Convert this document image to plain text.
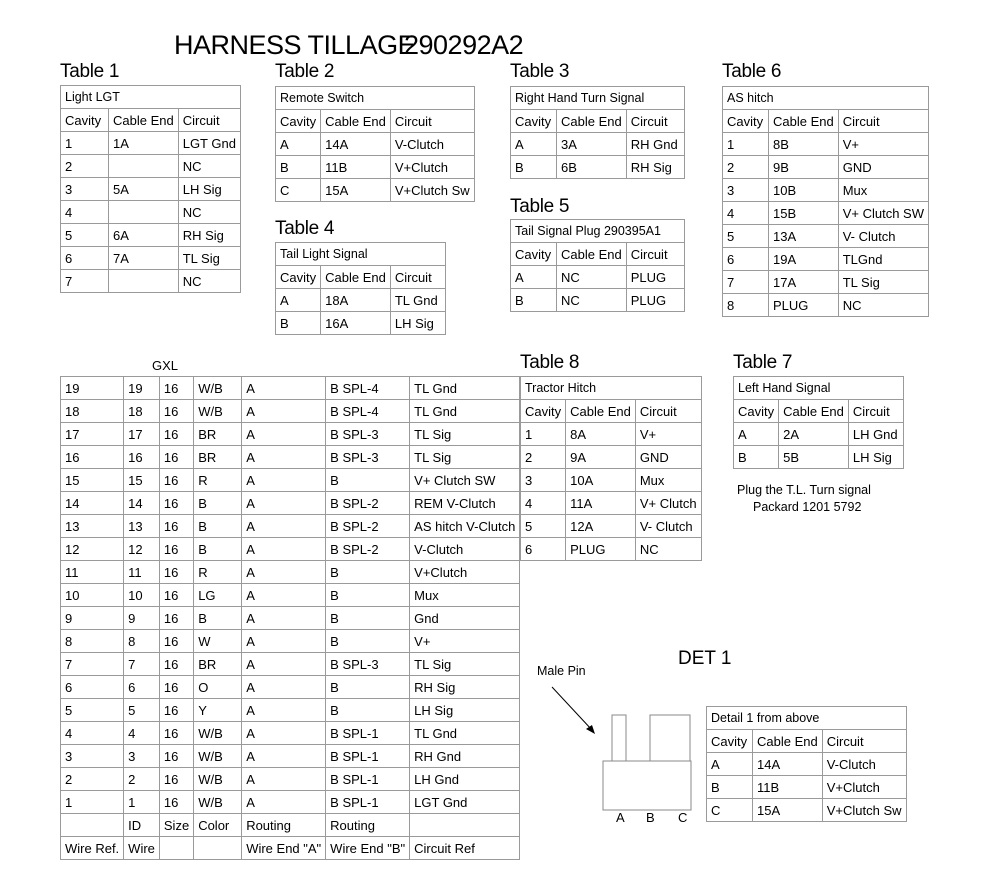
HARNESS TILLAGE
290292A2
Table 1	Table 2	Table 3	Table 6
Table 4
Table 5
Table 8	Table 7
Light LGT		
Cavity	Cable End	Circuit
1	1A	LGT Gnd
2		NC
3	5A	LH Sig
4		NC
5	6A	RH Sig
6	7A	TL Sig
7		NC
Remote Switch		
Cavity	Cable End	Circuit
A	14A	V-Clutch
B	11B	V+Clutch
C	15A	V+Clutch Sw
Right Hand Turn Signal		
Cavity	Cable End	Circuit
A	3A	RH Gnd
B	6B	RH Sig
Tail Light Signal		
Cavity	Cable End	Circuit
A	18A	TL Gnd
B	16A	LH Sig
Tail Signal Plug 290395A1		
Cavity	Cable End	Circuit
A	NC	PLUG
B	NC	PLUG
AS hitch		
Cavity	Cable End	Circuit
1	8B	V+
2	9B	GND
3	10B	Mux
4	15B	V+ Clutch SW
5	13A	V- Clutch
6	19A	TLGnd
7	17A	TL Sig
8	PLUG	NC
GXL
19	19	16	W/B	A	B SPL-4	TL Gnd
18	18	16	W/B	A	B SPL-4	TL Gnd
17	17	16	BR	A	B SPL-3	TL Sig
16	16	16	BR	A	B SPL-3	TL Sig
15	15	16	R	A	B	V+ Clutch SW
14	14	16	B	A	B SPL-2	REM V-Clutch
13	13	16	B	A	B SPL-2	AS hitch V-Clutch
12	12	16	B	A	B SPL-2	V-Clutch
11	11	16	R	A	B	V+Clutch
10	10	16	LG	A	B	Mux
9	9	16	B	A	B	Gnd
8	8	16	W	A	B	V+
7	7	16	BR	A	B SPL-3	TL Sig
6	6	16	O	A	B	RH Sig
5	5	16	Y	A	B	LH Sig
4	4	16	W/B	A	B SPL-1	TL Gnd
3	3	16	W/B	A	B SPL-1	RH Gnd
2	2	16	W/B	A	B SPL-1	LH Gnd
1	1	16	W/B	A	B SPL-1	LGT Gnd
	ID	Size	Color	Routing	Routing	
Wire Ref.	Wire			Wire End "A"	Wire End "B"	Circuit Ref
Tractor Hitch		
Cavity	Cable End	Circuit
1	8A	V+
2	9A	GND
3	10A	Mux
4	11A	V+ Clutch
5	12A	V- Clutch
6	PLUG	NC
Left Hand Signal		
Cavity	Cable End	Circuit
A	2A	LH Gnd
B	5B	LH Sig
Plug the T.L. Turn signal
Packard 1201 5792
DET 1
Male Pin
A B C
Detail 1 from above		
Cavity	Cable End	Circuit
A	14A	V-Clutch
B	11B	V+Clutch
C	15A	V+Clutch Sw
